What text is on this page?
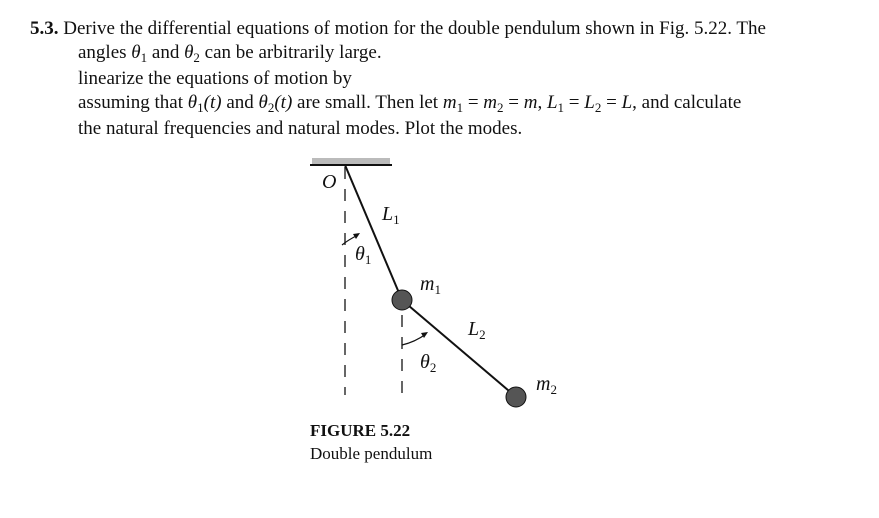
5.3. Derive the differential equations of motion for the double pendulum shown in Fig. 5.22. The
angles $\theta_1$ and $\theta_2$ can be arbitrarily large.
linearize the equations of motion by
assuming that $\theta_1(t)$ and $\theta_2(t)$ are small. Then let $m_1 = m_2 = m$, $L_1 = L_2 = L$, and calculate
the natural frequencies and natural modes. Plot the modes.
O
$L_1$
$\theta_1$
$m_1$
$L_2$
$\theta_2$
$m_2$
FIGURE 5.22
Double pendulum
